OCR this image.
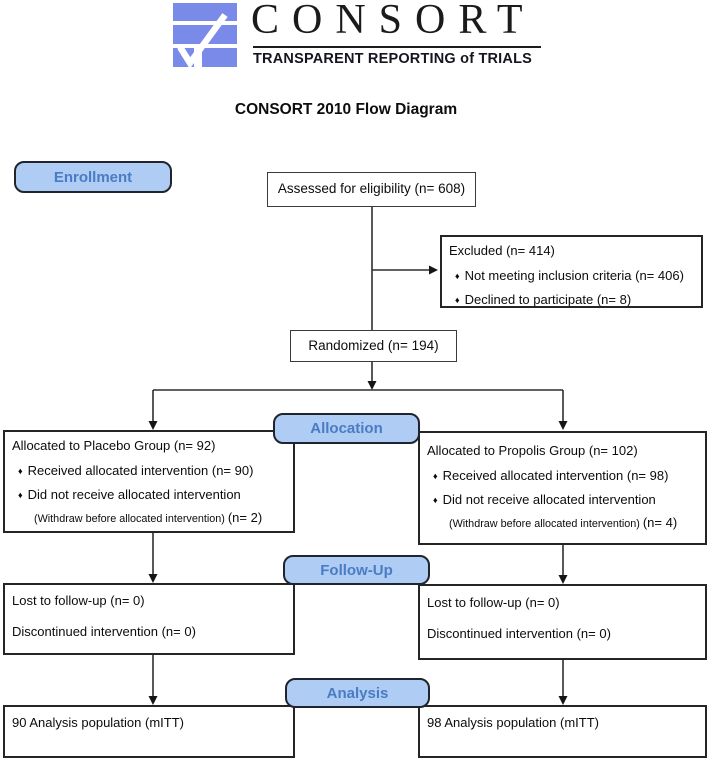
CONSORT
TRANSPARENT REPORTING of TRIALS
CONSORT 2010 Flow Diagram
Enrollment
Allocation
Follow-Up
Analysis
Assessed for eligibility (n= 608)
Excluded (n= 414)
♦ Not meeting inclusion criteria (n= 406)
♦ Declined to participate (n= 8)
Randomized (n= 194)
Allocated to Placebo Group (n= 92)
♦ Received allocated intervention (n= 90)
♦ Did not receive allocated intervention
(Withdraw before allocated intervention) (n= 2)
Allocated to Propolis Group (n= 102)
♦ Received allocated intervention (n= 98)
♦ Did not receive allocated intervention
(Withdraw before allocated intervention) (n= 4)
Lost to follow-up (n= 0)
Discontinued intervention (n= 0)
Lost to follow-up (n= 0)
Discontinued intervention (n= 0)
90 Analysis population (mITT)	98 Analysis population (mITT)
